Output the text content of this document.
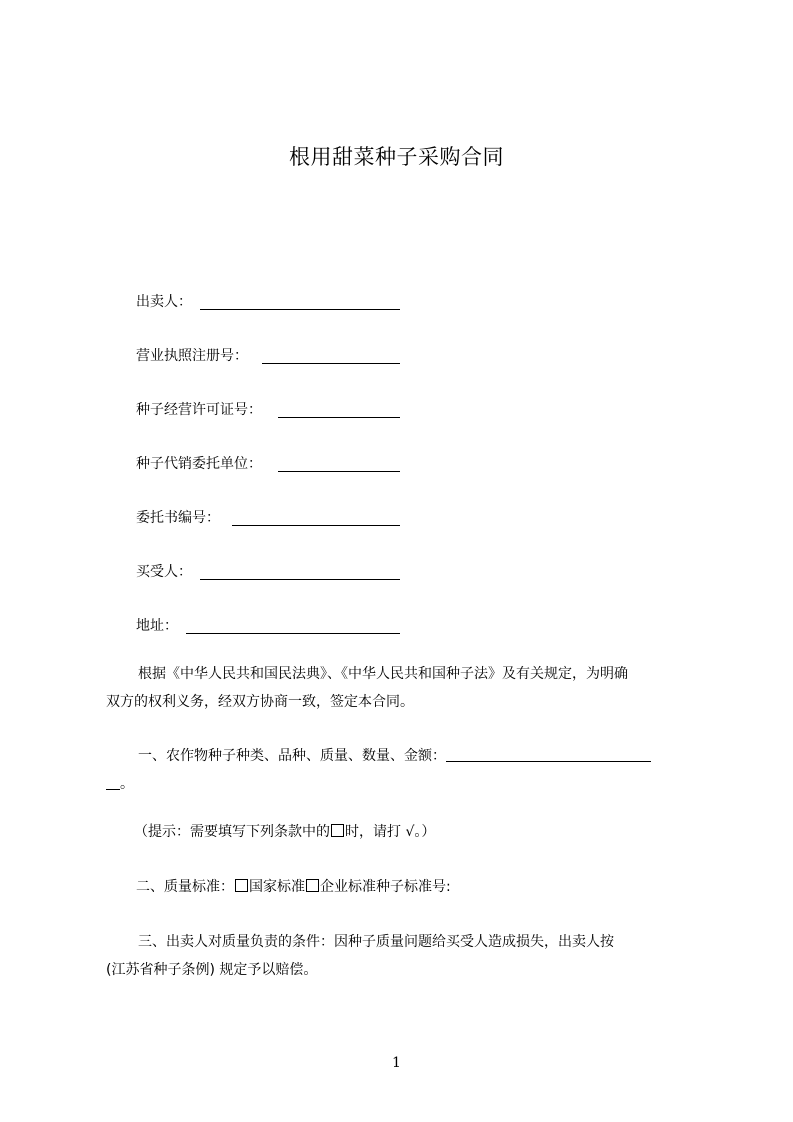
根用甜菜种子采购合同
出卖人：
营业执照注册号：
种子经营许可证号：
种子代销委托单位：
委托书编号：
买受人：
地址：
根据《中华人民共和国民法典》、《中华人民共和国种子法》及有关规定，为明确
双方的权利义务，经双方协商一致，签定本合同。
一、农作物种子种类、品种、质量、数量、金额：
。
（提示：需要填写下列条款中的 时，请打 √。）
二、质量标准： 国家标准 企业标准种子标准号:
三、出卖人对质量负责的条件：因种子质量问题给买受人造成损失，出卖人按
(江苏省种子条例) 规定予以赔偿。
1
